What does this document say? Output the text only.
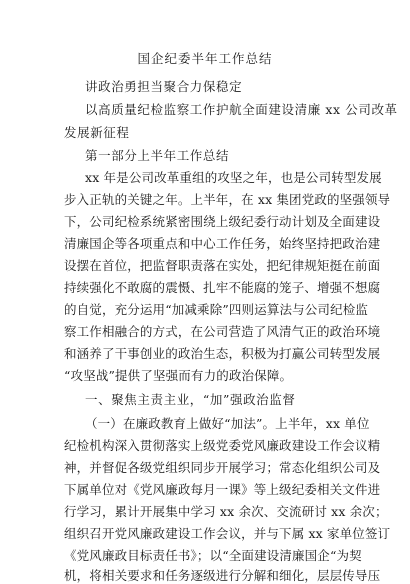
国企纪委半年工作总结
讲政治勇担当聚合力保稳定
以高质量纪检监察工作护航全面建设清廉 xx 公司改革
发展新征程
第一部分上半年工作总结
xx 年是公司改革重组的攻坚之年，也是公司转型发展
步入正轨的关键之年。上半年，在 xx 集团党政的坚强领导
下，公司纪检系统紧密围绕上级纪委行动计划及全面建设
清廉国企等各项重点和中心工作任务，始终坚持把政治建
设摆在首位，把监督职责落在实处，把纪律规矩挺在前面
持续强化不敢腐的震慑、扎牢不能腐的笼子、增强不想腐
的自觉，充分运用“加减乘除”四则运算法与公司纪检监
察工作相融合的方式，在公司营造了风清气正的政治环境
和涵养了干事创业的政治生态，积极为打赢公司转型发展
“攻坚战”提供了坚强而有力的政治保障。
一、聚焦主责主业，“加”强政治监督
（一）在廉政教育上做好“加法”。上半年，xx 单位
纪检机构深入贯彻落实上级党委党风廉政建设工作会议精
神，并督促各级党组织同步开展学习；常态化组织公司及
下属单位对《党风廉政每月一课》等上级纪委相关文件进
行学习，累计开展集中学习 xx 余次、交流研讨 xx 余次；
组织召开党风廉政建设工作会议，并与下属 xx 家单位签订
《党风廉政目标责任书》；以“全面建设清廉国企“为契
机，将相关要求和任务逐级进行分解和细化，层层传导压
